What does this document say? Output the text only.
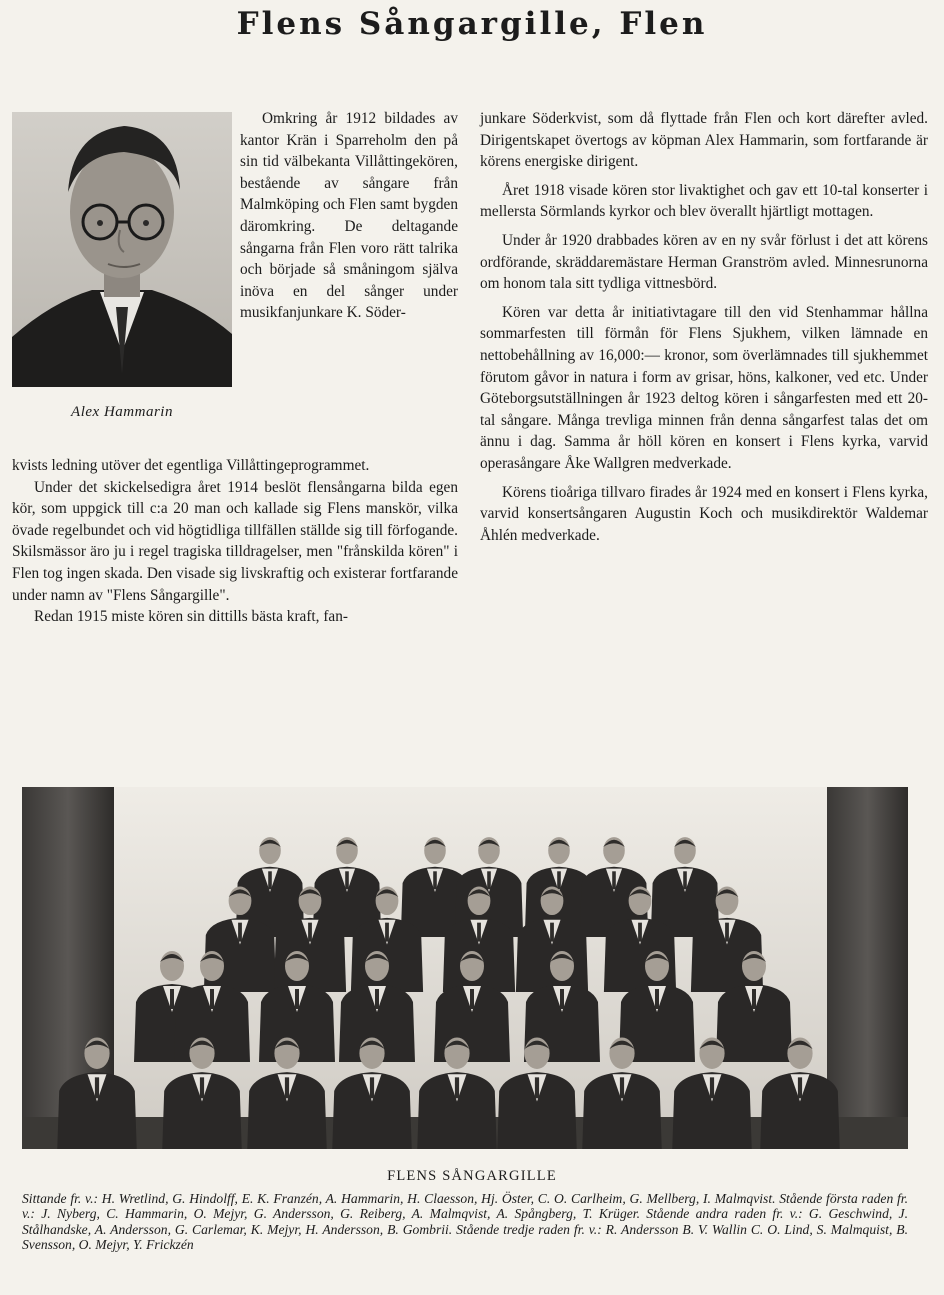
Flens Sångargille, Flen

Alex Hammarin

Omkring år 1912 bildades av kantor Krän i Sparreholm den på sin tid välbekanta Villåttingekören, bestående av sångare från Malmköping och Flen samt bygden däromkring. De deltagande sångarna från Flen voro rätt talrika och började så småningom själva inöva en del sånger under musikfanjunkare K. Söder-

kvists ledning utöver det egentliga Villåttingeprogrammet.

Under det skickelsedigra året 1914 beslöt flensångarna bilda egen kör, som uppgick till c:a 20 man och kallade sig Flens manskör, vilka övade regelbundet och vid högtidliga tillfällen ställde sig till förfogande. Skilsmässor äro ju i regel tragiska tilldragelser, men "frånskilda kören" i Flen tog ingen skada. Den visade sig livskraftig och existerar fortfarande under namn av "Flens Sångargille".

Redan 1915 miste kören sin dittills bästa kraft, fan-

junkare Söderkvist, som då flyttade från Flen och kort därefter avled. Dirigentskapet övertogs av köpman Alex Hammarin, som fortfarande är körens energiske dirigent.

Året 1918 visade kören stor livaktighet och gav ett 10-tal konserter i mellersta Sörmlands kyrkor och blev överallt hjärtligt mottagen.

Under år 1920 drabbades kören av en ny svår förlust i det att körens ordförande, skräddaremästare Herman Granström avled. Minnesrunorna om honom tala sitt tydliga vittnesbörd.

Kören var detta år initiativtagare till den vid Stenhammar hållna sommarfesten till förmån för Flens Sjukhem, vilken lämnade en nettobehållning av 16,000:— kronor, som överlämnades till sjukhemmet förutom gåvor in natura i form av grisar, höns, kalkoner, ved etc. Under Göteborgsutställningen år 1923 deltog kören i sångarfesten med ett 20-tal sångare. Många trevliga minnen från denna sångarfest talas det om ännu i dag. Samma år höll kören en konsert i Flens kyrka, varvid operasångare Åke Wallgren medverkade.

Körens tioåriga tillvaro firades år 1924 med en konsert i Flens kyrka, varvid konsertsångaren Augustin Koch och musikdirektör Waldemar Åhlén medverkade.

FLENS SÅNGARGILLE

Sittande fr. v.: H. Wretlind, G. Hindolff, E. K. Franzén, A. Hammarin, H. Claesson, Hj. Öster, C. O. Carlheim, G. Mellberg, I. Malmqvist. Stående första raden fr. v.: J. Nyberg, C. Hammarin, O. Mejyr, G. Andersson, G. Reiberg, A. Malmqvist, A. Spångberg, T. Krüger. Stående andra raden fr. v.: G. Geschwind, J. Stålhandske, A. Andersson, G. Carlemar, K. Mejyr, H. Andersson, B. Gombrii. Stående tredje raden fr. v.: R. Andersson B. V. Wallin C. O. Lind, S. Malmquist, B. Svensson, O. Mejyr, Y. Frickzén
